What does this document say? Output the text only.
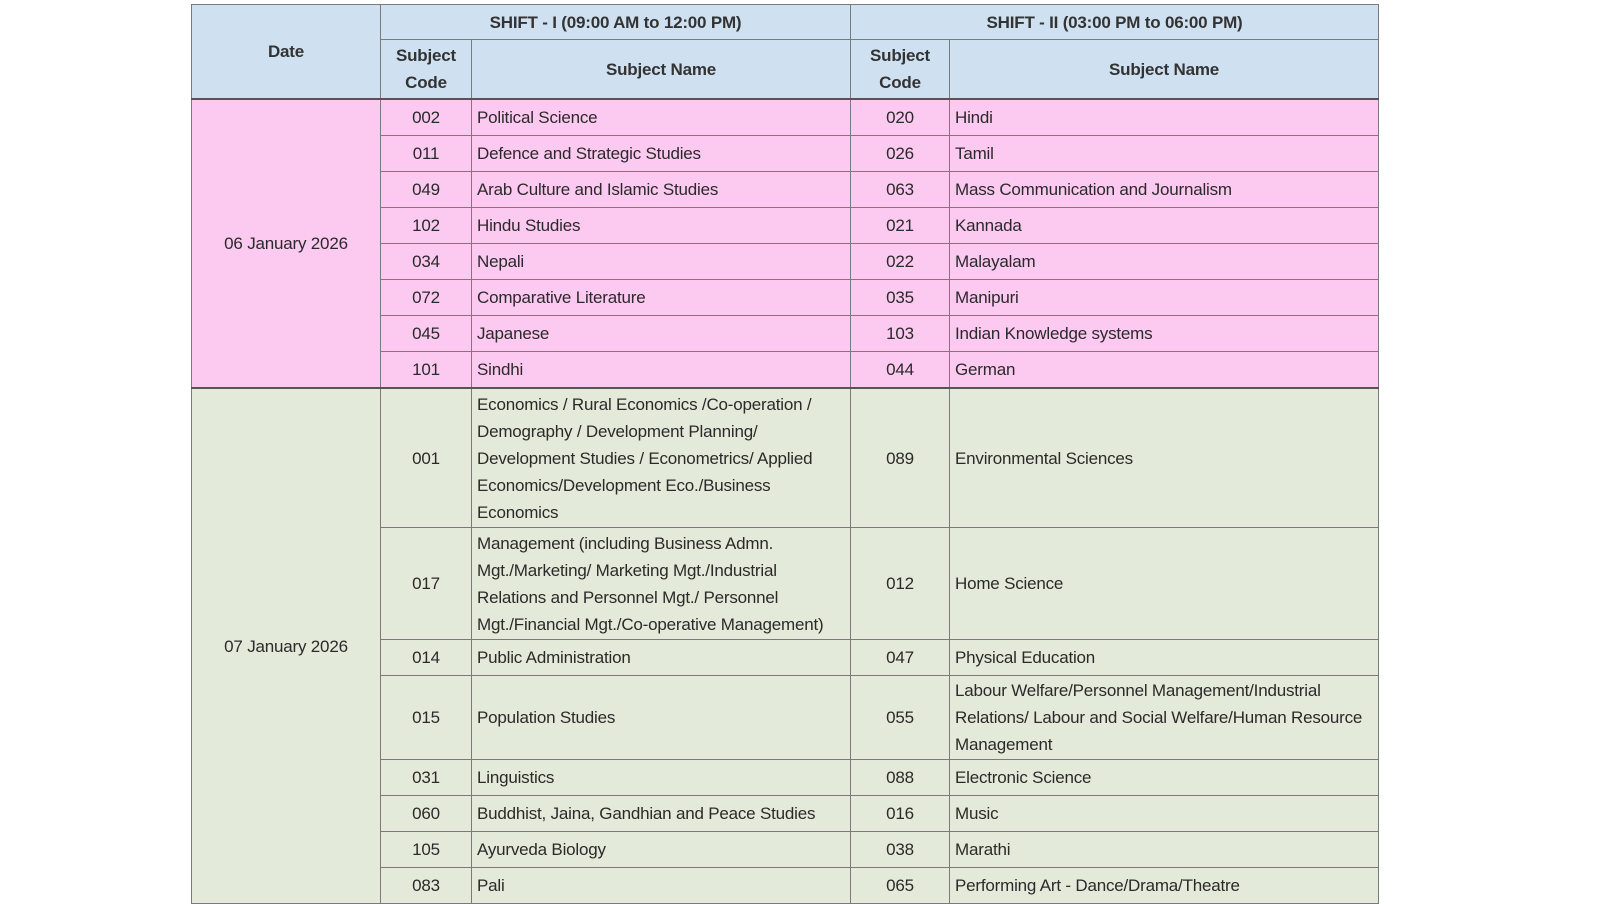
Date	SHIFT - I (09:00 AM to 12:00 PM)		SHIFT - II (03:00 PM to 06:00 PM)	
	Subject Code	Subject Name	Subject Code	Subject Name
06 January 2026	002	Political Science	020	Hindi
	011	Defence and Strategic Studies	026	Tamil
	049	Arab Culture and Islamic Studies	063	Mass Communication and Journalism
	102	Hindu Studies	021	Kannada
	034	Nepali	022	Malayalam
	072	Comparative Literature	035	Manipuri
	045	Japanese	103	Indian Knowledge systems
	101	Sindhi	044	German
07 January 2026	001	Economics / Rural Economics /Co-operation / Demography / Development Planning/ Development Studies / Econometrics/ Applied Economics/Development Eco./Business Economics	089	Environmental Sciences
	017	Management (including Business Admn. Mgt./Marketing/ Marketing Mgt./Industrial Relations and Personnel Mgt./ Personnel Mgt./Financial Mgt./Co-operative Management)	012	Home Science
	014	Public Administration	047	Physical Education
	015	Population Studies	055	Labour Welfare/Personnel Management/Industrial Relations/ Labour and Social Welfare/Human Resource Management
	031	Linguistics	088	Electronic Science
	060	Buddhist, Jaina, Gandhian and Peace Studies	016	Music
	105	Ayurveda Biology	038	Marathi
	083	Pali	065	Performing Art - Dance/Drama/Theatre
